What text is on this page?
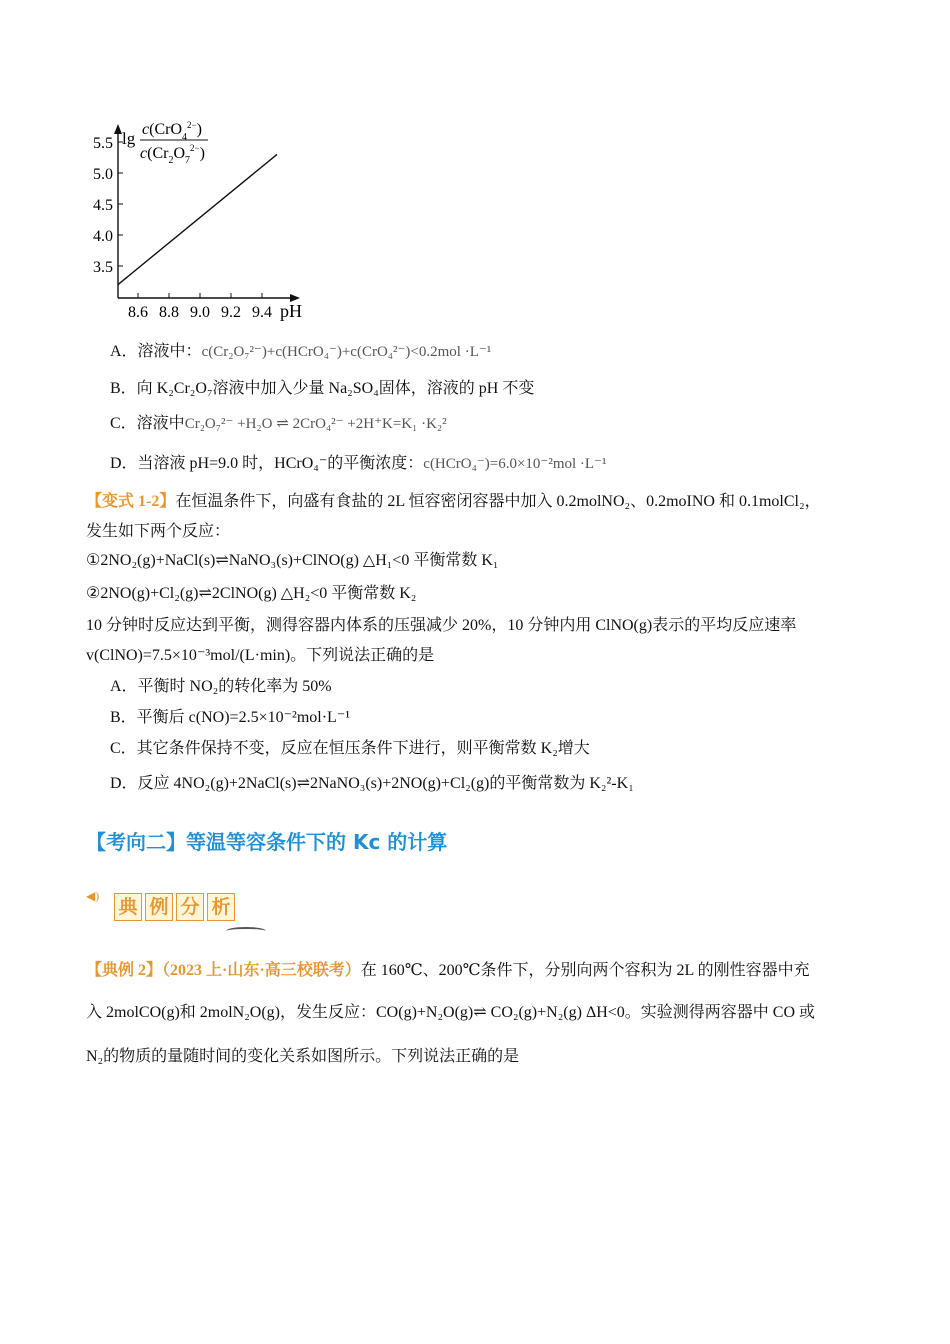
lg c(CrO$_4^{2-}$)
$c(Cr_2O_7^{2-})$
8.6 8.8 9.0 9.2 9.4
3.5
4.0
4.5
5.0
5.5
pH
A．溶液中：c(Cr₂O₇²⁻)+c(HCrO₄⁻)+c(CrO₄²⁻)<0.2mol ·L⁻¹
B．向 K₂Cr₂O₇溶液中加入少量 Na₂SO₄固体，溶液的 pH 不变
C．溶液中Cr₂O₇²⁻ +H₂O ⇌ 2CrO₄²⁻ +2H⁺K=K₁ ·K₂²
D．当溶液 pH=9.0 时，HCrO₄⁻的平衡浓度：c(HCrO₄⁻)=6.0×10⁻²mol ·L⁻¹
【变式 1-2】在恒温条件下，向盛有食盐的 2L 恒容密闭容器中加入 0.2molNO₂、0.2moINO 和 0.1molCl₂，
发生如下两个反应：
①2NO₂(g)+NaCl(s)⇌NaNO₃(s)+ClNO(g) △H₁<0 平衡常数 K₁
②2NO(g)+Cl₂(g)⇌2ClNO(g) △H₂<0 平衡常数 K₂
10 分钟时反应达到平衡，测得容器内体系的压强减少 20%，10 分钟内用 ClNO(g)表示的平均反应速率
v(ClNO)=7.5×10⁻³mol/(L·min)。下列说法正确的是
A．平衡时 NO₂的转化率为 50%
B．平衡后 c(NO)=2.5×10⁻²mol·L⁻¹
C．其它条件保持不变，反应在恒压条件下进行，则平衡常数 K₂增大
D．反应 4NO₂(g)+2NaCl(s)⇌2NaNO₃(s)+2NO(g)+Cl₂(g)的平衡常数为 K₂²-K₁
【考向二】等温等容条件下的 Kc 的计算
◀) 典 例 分 析
【典例 2】（2023 上·山东·高三校联考）在 160℃、200℃条件下，分别向两个容积为 2L 的刚性容器中充
入 2molCO(g)和 2molN₂O(g)，发生反应：CO(g)+N₂O(g)⇌ CO₂(g)+N₂(g) ΔH<0。实验测得两容器中 CO 或
N₂的物质的量随时间的变化关系如图所示。下列说法正确的是
